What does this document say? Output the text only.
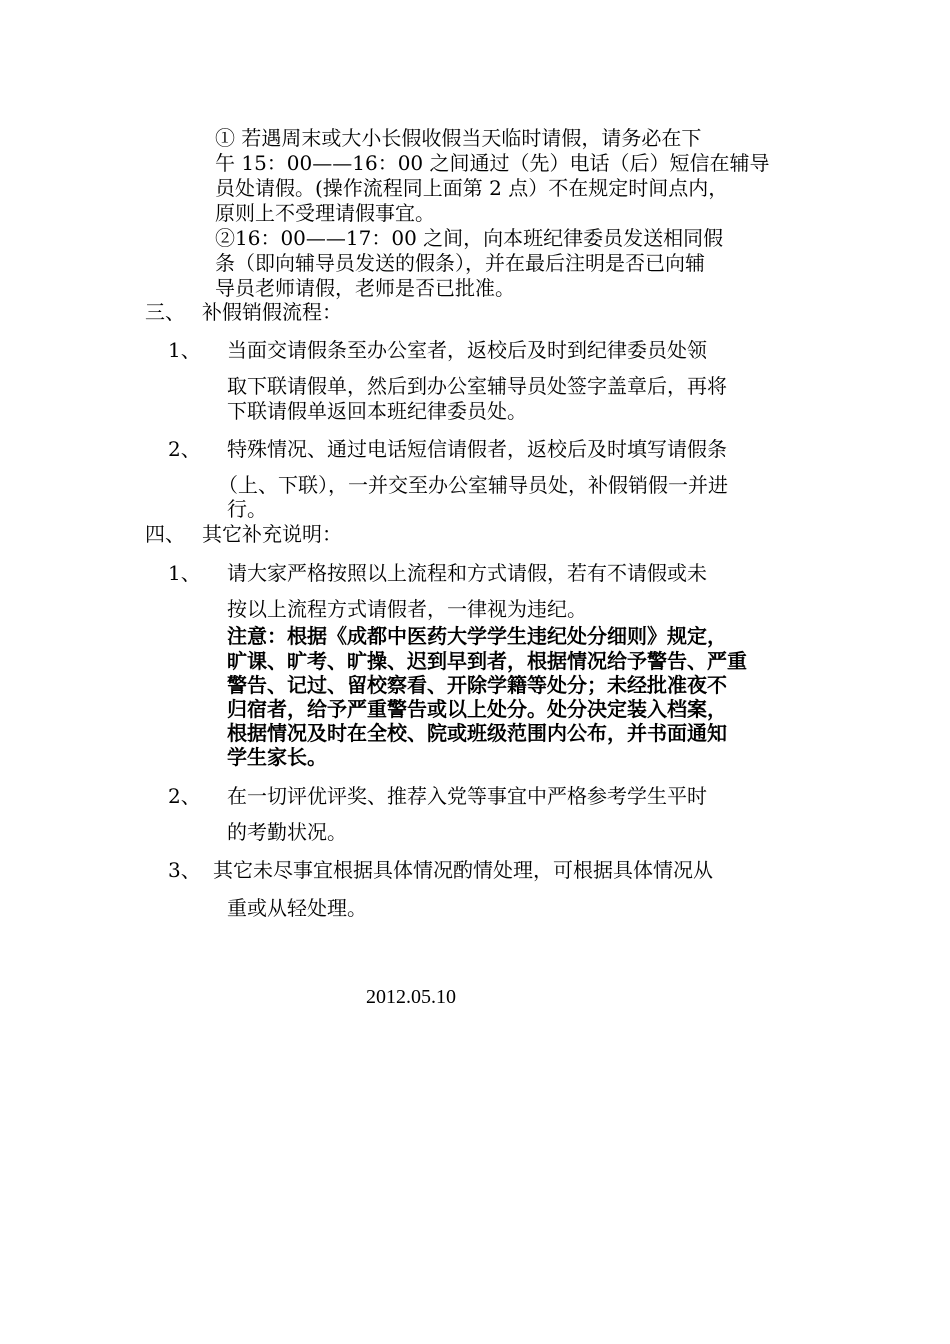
① 若遇周末或大小长假收假当天临时请假，请务必在下
午 15：00——16：00 之间通过（先）电话（后）短信在辅导
员处请假。(操作流程同上面第 2 点）不在规定时间点内，
原则上不受理请假事宜。
②16：00——17：00 之间，向本班纪律委员发送相同假
条（即向辅导员发送的假条），并在最后注明是否已向辅
导员老师请假，老师是否已批准。
三、 补假销假流程：
1、 当面交请假条至办公室者，返校后及时到纪律委员处领
取下联请假单，然后到办公室辅导员处签字盖章后，再将
下联请假单返回本班纪律委员处。
2、 特殊情况、通过电话短信请假者，返校后及时填写请假条
（上、下联），一并交至办公室辅导员处，补假销假一并进
行。
四、 其它补充说明：
1、 请大家严格按照以上流程和方式请假，若有不请假或未
按以上流程方式请假者，一律视为违纪。
注意：根据《成都中医药大学学生违纪处分细则》规定，
旷课、旷考、旷操、迟到早到者，根据情况给予警告、严重
警告、记过、留校察看、开除学籍等处分；未经批准夜不
归宿者，给予严重警告或以上处分。处分决定装入档案，
根据情况及时在全校、院或班级范围内公布，并书面通知
学生家长。
2、 在一切评优评奖、推荐入党等事宜中严格参考学生平时
的考勤状况。
3、 其它未尽事宜根据具体情况酌情处理，可根据具体情况从
重或从轻处理。
2012.05.10
